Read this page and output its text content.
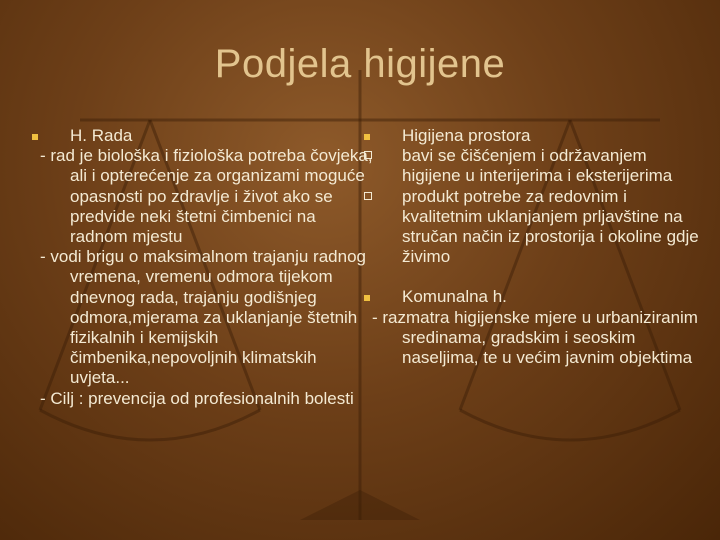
Podjela higijene
H. Rada
- rad je biološka i fiziološka potreba čovjeka, ali i opterećenje za organizami moguće opasnosti po zdravlje i život ako se predvide neki štetni čimbenici na radnom mjestu
- vodi brigu o maksimalnom trajanju radnog vremena, vremenu odmora tijekom dnevnog rada, trajanju godišnjeg odmora,mjerama za uklanjanje štetnih fizikalnih i kemijskih čimbenika,nepovoljnih klimatskih uvjeta...
- Cilj : prevencija od profesionalnih bolesti
Higijena prostora
bavi se čišćenjem i održavanjem higijene u interijerima i eksterijerima
produkt potrebe za redovnim i kvalitetnim uklanjanjem prljavštine na stručan način iz prostorija i okoline gdje živimo
Komunalna h.
- razmatra higijenske mjere u urbaniziranim sredinama, gradskim i seoskim naseljima, te u većim javnim objektima
